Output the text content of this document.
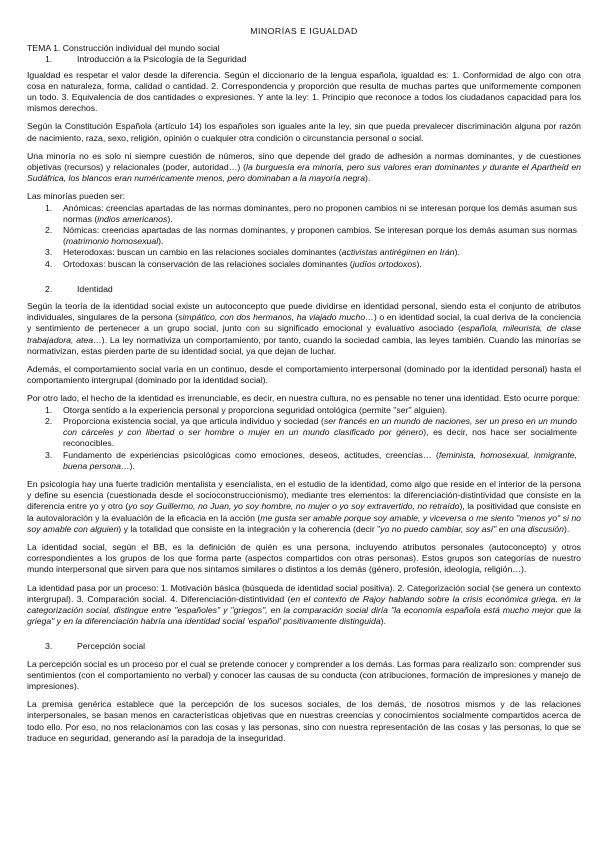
MINORÍAS E IGUALDAD
TEMA 1. Construcción individual del mundo social
1.	Introducción a la Psicología de la Seguridad

Igualdad es respetar el valor desde la diferencia. Según el diccionario de la lengua española, igualdad es: 1. Conformidad de algo con otra cosa en naturaleza, forma, calidad o cantidad. 2. Correspondencia y proporción que resulta de muchas partes que uniformemente componen un todo. 3. Equivalencia de dos cantidades o expresiones. Y ante la ley: 1. Principio que reconoce a todos los ciudadanos capacidad para los mismos derechos.

Según la Constitución Española (artículo 14) los españoles son iguales ante la ley, sin que pueda prevalecer discriminación alguna por razón de nacimiento, raza, sexo, religión, opinión o cualquier otra condición o circunstancia personal o social.

Una minoría no es solo ni siempre cuestión de números, sino que depende del grado de adhesión a normas dominantes, y de cuestiones objetivas (recursos) y relacionales (poder, autoridad…) (la burguesía era minoría, pero sus valores eran dominantes y durante el Apartheid en Sudáfrica, los blancos eran numéricamente menos, pero dominaban a la mayoría negra).

Las minorías pueden ser:

1.	Anómicas: creencias apartadas de las normas dominantes, pero no proponen cambios ni se interesan porque los demás asuman sus normas (indios americanos).
2.	Nómicas: creencias apartadas de las normas dominantes, y proponen cambios. Se interesan porque los demás asuman sus normas (matrimonio homosexual).
3.	Heterodoxas: buscan un cambio en las relaciones sociales dominantes (activistas antirégimen en Irán).
4.	Ortodoxas: buscan la conservación de las relaciones sociales dominantes (judíos ortodoxos).
2.	Identidad

Según la teoría de la identidad social existe un autoconcepto que puede dividirse en identidad personal, siendo esta el conjunto de atributos individuales, singulares de la persona (simpático, con dos hermanos, ha viajado mucho…) o en identidad social, la cual deriva de la conciencia y sentimiento de pertenecer a un grupo social, junto con su significado emocional y evaluativo asociado (española, mileurista, de clase trabajadora, atea…). La ley normativiza un comportamiento, por tanto, cuando la sociedad cambia, las leyes también. Cuando las minorías se normativizan, estas pierden parte de su identidad social, ya que dejan de luchar.

Además, el comportamiento social varía en un continuo, desde el comportamiento interpersonal (dominado por la identidad personal) hasta el comportamiento intergrupal (dominado por la identidad social).

Por otro lado, el hecho de la identidad es irrenunciable, es decir, en nuestra cultura, no es pensable no tener una identidad. Esto ocurre porque:

1.	Otorga sentido a la experiencia personal y proporciona seguridad ontológica (permite "ser" alguien).
2.	Proporciona existencia social, ya que articula individuo y sociedad (ser francés en un mundo de naciones, ser un preso en un mundo con cárceles y con libertad o ser hombre o mujer en un mundo clasificado por género), es decir, nos hace ser socialmente reconocibles.
3.	Fundamento de experiencias psicológicas como emociones, deseos, actitudes, creencias… (feminista, homosexual, inmigrante, buena persona…).

En psicología hay una fuerte tradición mentalista y esencialista, en el estudio de la identidad, como algo que reside en el interior de la persona y define su esencia (cuestionada desde el socioconstruccionismo), mediante tres elementos: la diferenciación-distintividad que consiste en la diferencia entre yo y otro (yo soy Guillermo, no Juan, yo soy hombre, no mujer o yo soy extravertido, no retraído), la positividad que consiste en la autovaloración y la evaluación de la eficacia en la acción (me gusta ser amable porque soy amable, y viceversa o me siento "menos yo" si no soy amable con alguien) y la totalidad que consiste en la integración y la coherencia (decir "yo no puedo cambiar, soy así" en una discusión).

La identidad social, según el BB, es la definición de quién es una persona, incluyendo atributos personales (autoconcepto) y otros correspondientes a los grupos de los que forma parte (aspectos compartidos con otras personas). Estos grupos son categorías de nuestro mundo interpersonal que sirven para que nos sintamos similares o distintos a los demás (género, profesión, ideología, religión…).

La identidad pasa por un proceso: 1. Motivación básica (búsqueda de identidad social positiva). 2. Categorización social (se genera un contexto intergrupal). 3. Comparación social. 4. Diferenciación-distintividad (en el contexto de Rajoy hablando sobre la crisis económica griega, en la categorización social, distingue entre "españoles" y "griegos", en la comparación social diría "la economía española está mucho mejor que la griega" y en la diferenciación habría una identidad social 'español' positivamente distinguida).

3.	Percepción social

La percepción social es un proceso por el cual se pretende conocer y comprender a los demás. Las formas para realizarlo son: comprender sus sentimientos (con el comportamiento no verbal) y conocer las causas de su conducta (con atribuciones, formación de impresiones y manejo de impresiones).

La premisa genérica establece que la percepción de los sucesos sociales, de los demás, de nosotros mismos y de las relaciones interpersonales, se basan menos en características objetivas que en nuestras creencias y conocimientos socialmente compartidos acerca de todo ello. Por eso, no nos relacionamos con las cosas y las personas, sino con nuestra representación de las cosas y las personas, lo que se traduce en seguridad, generando así la paradoja de la inseguridad.
